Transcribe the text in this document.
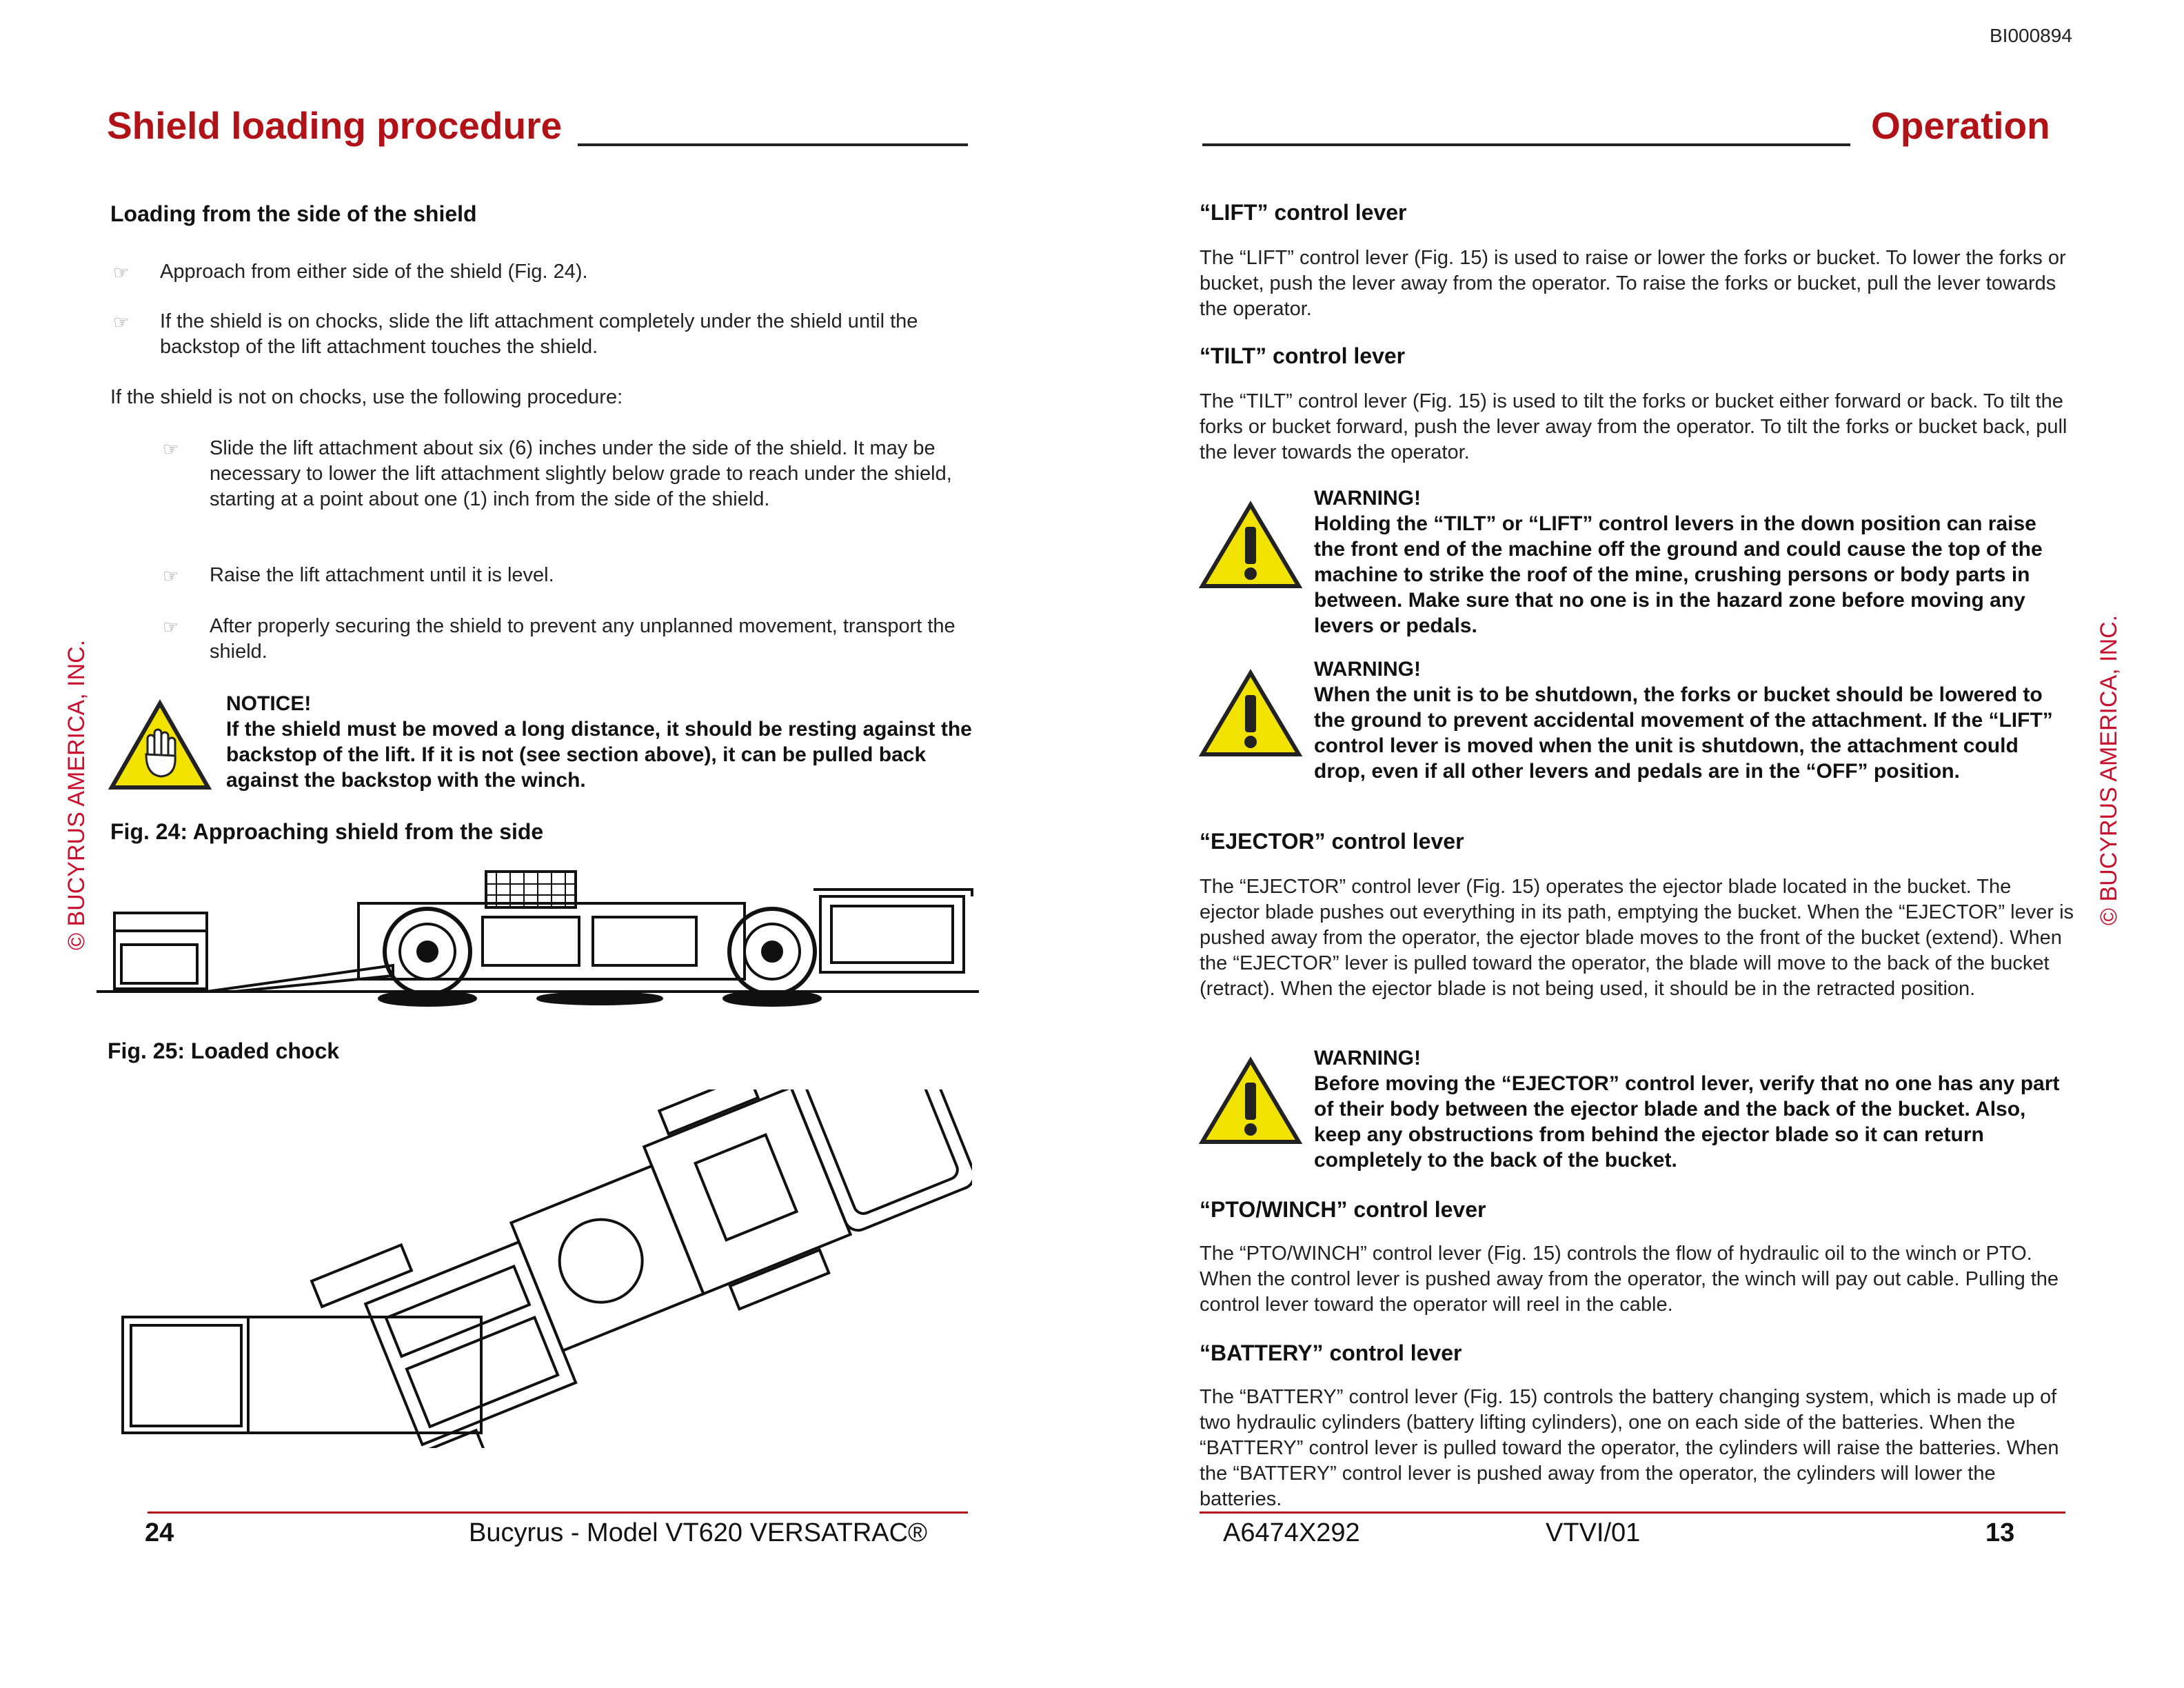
BI000894
© BUCYRUS AMERICA, INC.	© BUCYRUS AMERICA, INC.
Shield loading procedure
Loading from the side of the shield
☞ Approach from either side of the shield (Fig. 24).
☞ If the shield is on chocks, slide the lift attachment completely under the shield until the backstop of the lift attachment touches the shield.
If the shield is not on chocks, use the following procedure:
☞ Slide the lift attachment about six (6) inches under the side of the shield. It may be necessary to lower the lift attachment slightly below grade to reach under the shield, starting at a point about one (1) inch from the side of the shield.
☞ Raise the lift attachment until it is level.
☞ After properly securing the shield to prevent any unplanned movement, transport the shield.
NOTICE!
If the shield must be moved a long distance, it should be resting against the backstop of the lift. If it is not (see section above), it can be pulled back against the backstop with the winch.
Fig. 24: Approaching shield from the side
Fig. 25: Loaded chock
24	Bucyrus - Model VT620 VERSATRAC®
Operation
“LIFT” control lever
The “LIFT” control lever (Fig. 15) is used to raise or lower the forks or bucket. To lower the forks or bucket, push the lever away from the operator. To raise the forks or bucket, pull the lever towards the operator.
“TILT” control lever
The “TILT” control lever (Fig. 15) is used to tilt the forks or bucket either forward or back. To tilt the forks or bucket forward, push the lever away from the operator. To tilt the forks or bucket back, pull the lever towards the operator.
WARNING!
Holding the “TILT” or “LIFT” control levers in the down position can raise the front end of the machine off the ground and could cause the top of the machine to strike the roof of the mine, crushing persons or body parts in between. Make sure that no one is in the hazard zone before moving any levers or pedals.
WARNING!
When the unit is to be shutdown, the forks or bucket should be lowered to the ground to prevent accidental movement of the attachment. If the “LIFT” control lever is moved when the unit is shutdown, the attachment could drop, even if all other levers and pedals are in the “OFF” position.
“EJECTOR” control lever
The “EJECTOR” control lever (Fig. 15) operates the ejector blade located in the bucket. The ejector blade pushes out everything in its path, emptying the bucket. When the “EJECTOR” lever is pushed away from the operator, the ejector blade moves to the front of the bucket (extend). When the “EJECTOR” lever is pulled toward the operator, the blade will move to the back of the bucket (retract). When the ejector blade is not being used, it should be in the retracted position.
WARNING!
Before moving the “EJECTOR” control lever, verify that no one has any part of their body between the ejector blade and the back of the bucket. Also, keep any obstructions from behind the ejector blade so it can return completely to the back of the bucket.
“PTO/WINCH” control lever
The “PTO/WINCH” control lever (Fig. 15) controls the flow of hydraulic oil to the winch or PTO. When the control lever is pushed away from the operator, the winch will pay out cable. Pulling the control lever toward the operator will reel in the cable.
“BATTERY” control lever
The “BATTERY” control lever (Fig. 15) controls the battery changing system, which is made up of two hydraulic cylinders (battery lifting cylinders), one on each side of the batteries. When the “BATTERY” control lever is pulled toward the operator, the cylinders will raise the batteries. When the “BATTERY” control lever is pushed away from the operator, the cylinders will lower the batteries.
A6474X292	VTVI/01	13
